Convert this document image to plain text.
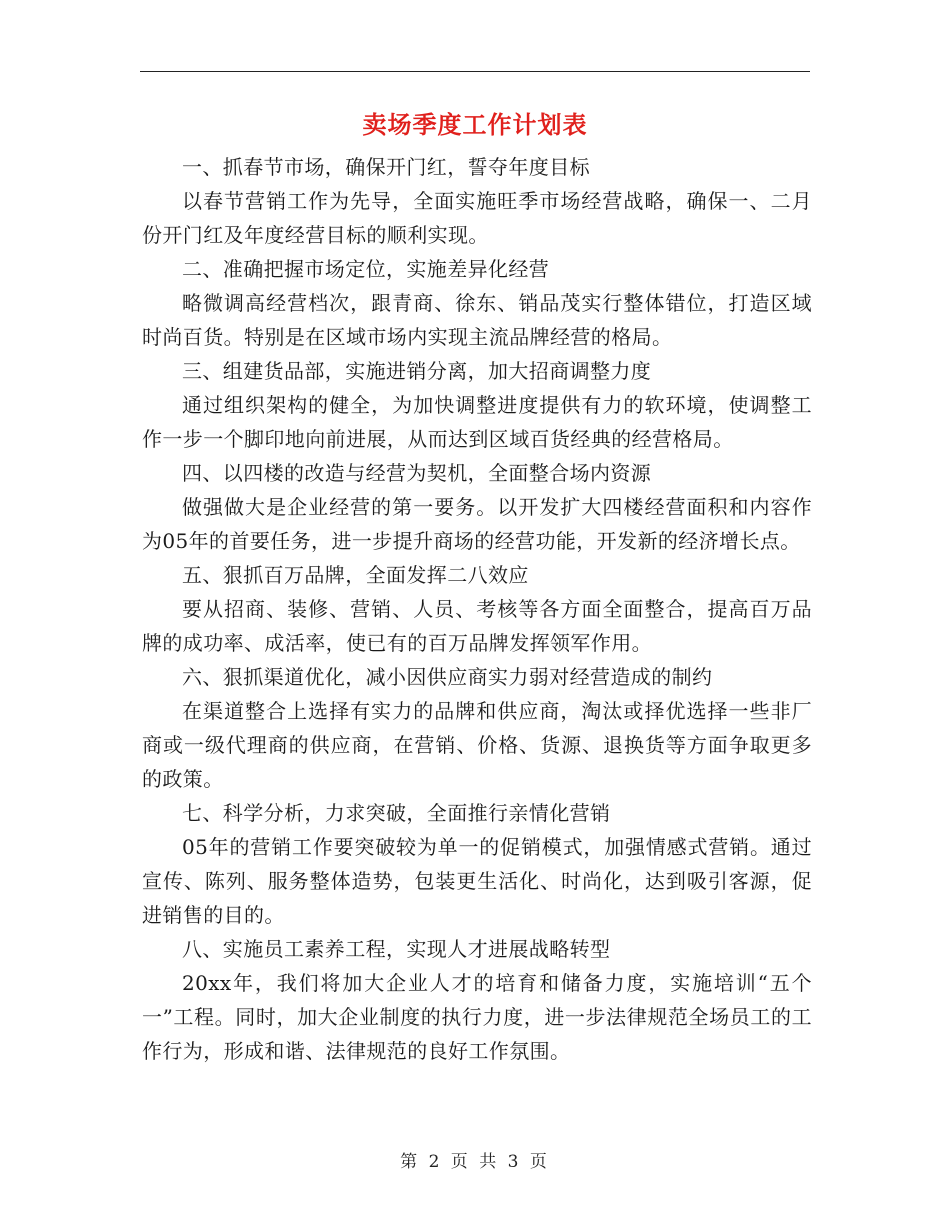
卖场季度工作计划表

一、抓春节市场，确保开门红，誓夺年度目标

以春节营销工作为先导，全面实施旺季市场经营战略，确保一、二月份开门红及年度经营目标的顺利实现。

二、准确把握市场定位，实施差异化经营

略微调高经营档次，跟青商、徐东、销品茂实行整体错位，打造区域时尚百货。特别是在区域市场内实现主流品牌经营的格局。

三、组建货品部，实施进销分离，加大招商调整力度

通过组织架构的健全，为加快调整进度提供有力的软环境，使调整工作一步一个脚印地向前进展，从而达到区域百货经典的经营格局。

四、以四楼的改造与经营为契机，全面整合场内资源

做强做大是企业经营的第一要务。以开发扩大四楼经营面积和内容作为05年的首要任务，进一步提升商场的经营功能，开发新的经济增长点。

五、狠抓百万品牌，全面发挥二八效应

要从招商、装修、营销、人员、考核等各方面全面整合，提高百万品牌的成功率、成活率，使已有的百万品牌发挥领军作用。

六、狠抓渠道优化，减小因供应商实力弱对经营造成的制约

在渠道整合上选择有实力的品牌和供应商，淘汰或择优选择一些非厂商或一级代理商的供应商，在营销、价格、货源、退换货等方面争取更多的政策。

七、科学分析，力求突破，全面推行亲情化营销

05年的营销工作要突破较为单一的促销模式，加强情感式营销。通过宣传、陈列、服务整体造势，包装更生活化、时尚化，达到吸引客源，促进销售的目的。

八、实施员工素养工程，实现人才进展战略转型

20xx年，我们将加大企业人才的培育和储备力度，实施培训“五个一”工程。同时，加大企业制度的执行力度，进一步法律规范全场员工的工作行为，形成和谐、法律规范的良好工作氛围。

第 2 页 共 3 页
